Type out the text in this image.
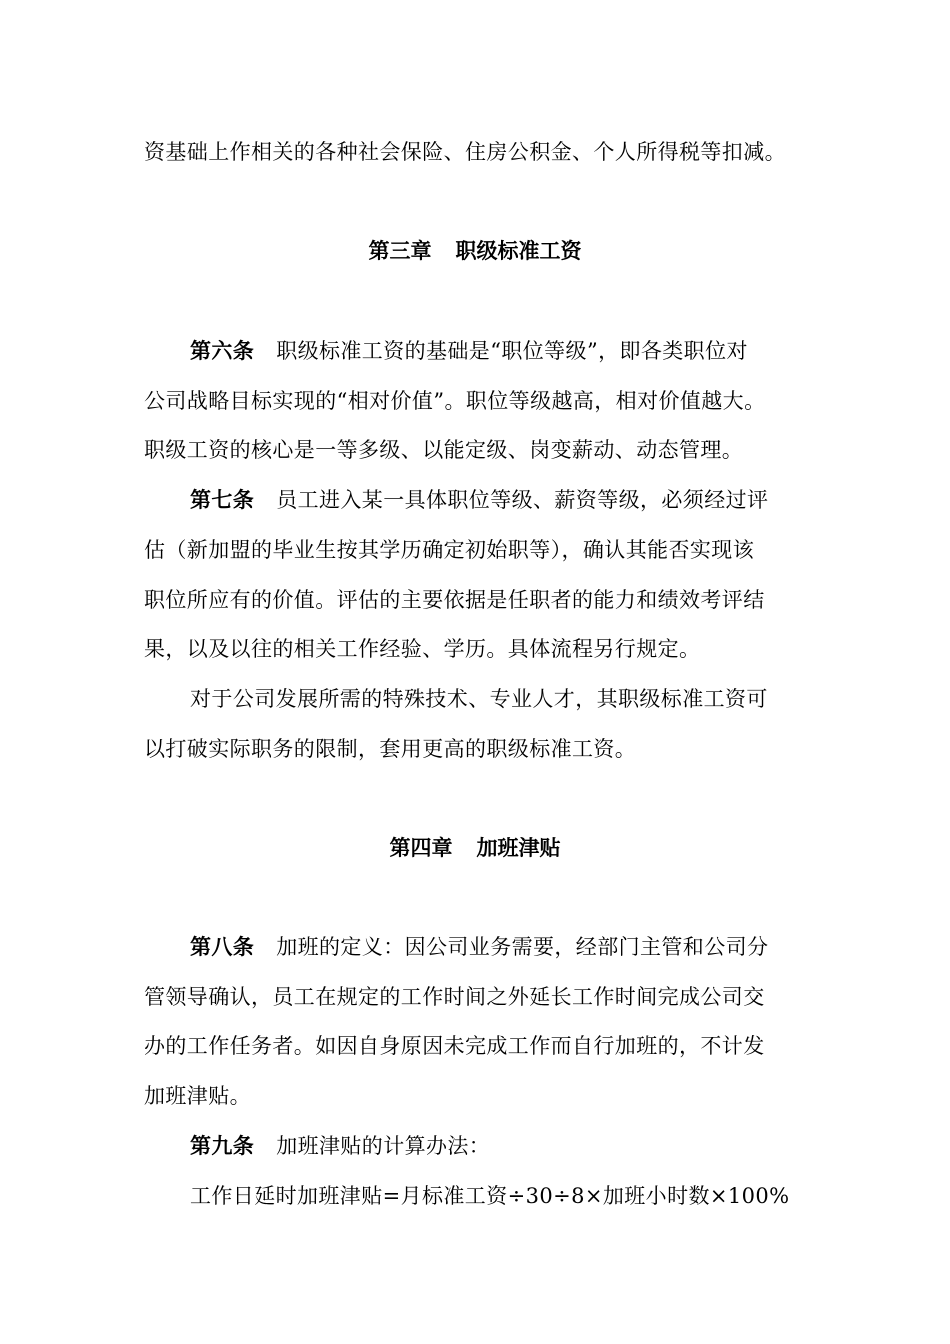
资基础上作相关的各种社会保险、住房公积金、个人所得税等扣减。
第三章 职级标准工资
第六条 职级标准工资的基础是“职位等级”，即各类职位对
公司战略目标实现的“相对价值”。职位等级越高，相对价值越大。
职级工资的核心是一等多级、以能定级、岗变薪动、动态管理。
第七条 员工进入某一具体职位等级、薪资等级，必须经过评
估（新加盟的毕业生按其学历确定初始职等），确认其能否实现该
职位所应有的价值。评估的主要依据是任职者的能力和绩效考评结
果，以及以往的相关工作经验、学历。具体流程另行规定。
对于公司发展所需的特殊技术、专业人才，其职级标准工资可
以打破实际职务的限制，套用更高的职级标准工资。
第四章 加班津贴
第八条 加班的定义：因公司业务需要，经部门主管和公司分
管领导确认，员工在规定的工作时间之外延长工作时间完成公司交
办的工作任务者。如因自身原因未完成工作而自行加班的，不计发
加班津贴。
第九条 加班津贴的计算办法：
工作日延时加班津贴=月标准工资÷30÷8×加班小时数×100%
